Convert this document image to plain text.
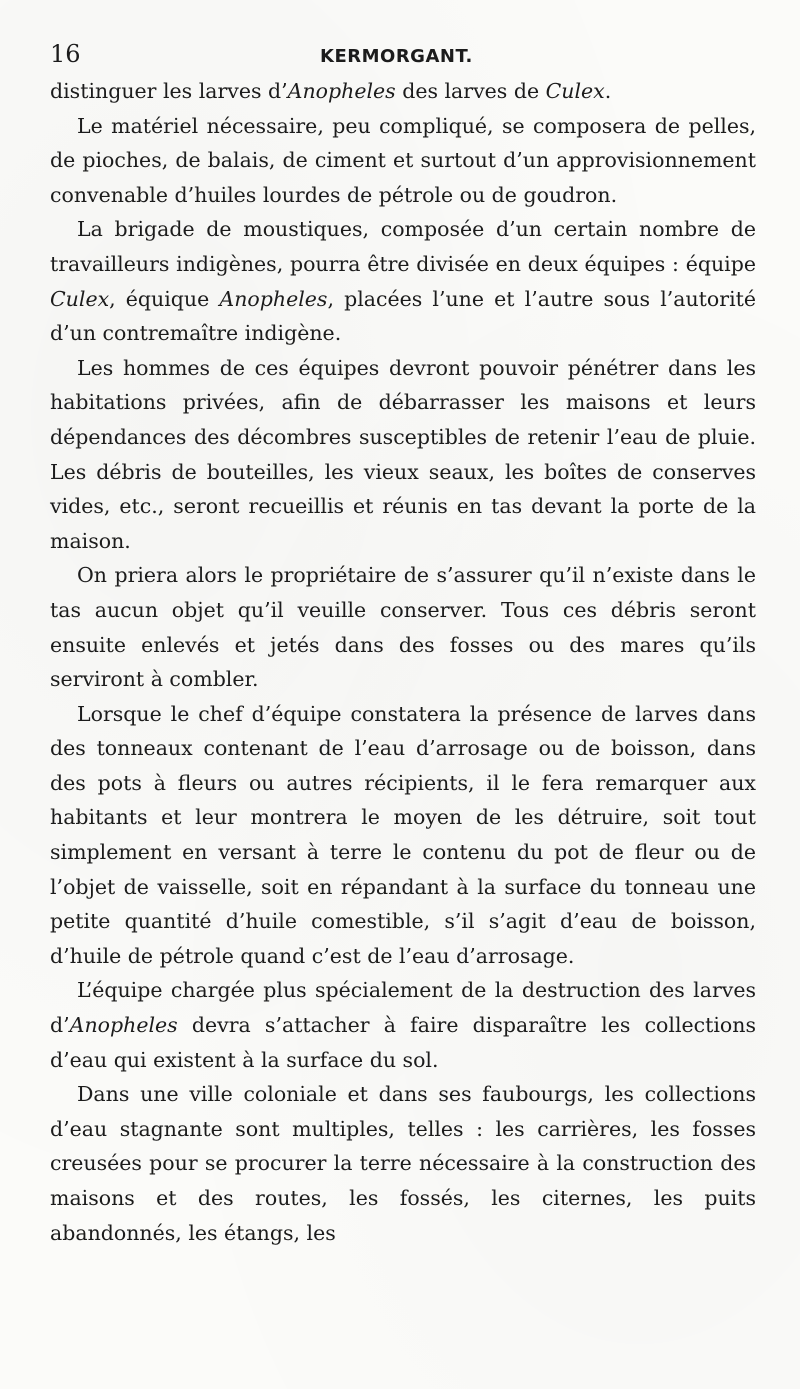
16	KERMORGANT.

distinguer les larves d’Anopheles des larves de Culex.

Le matériel nécessaire, peu compliqué, se composera de pelles, de pioches, de balais, de ciment et surtout d’un approvisionnement convenable d’huiles lourdes de pétrole ou de goudron.

La brigade de moustiques, composée d’un certain nombre de travailleurs indigènes, pourra être divisée en deux équipes : équipe Culex, équique Anopheles, placées l’une et l’autre sous l’autorité d’un contremaître indigène.

Les hommes de ces équipes devront pouvoir pénétrer dans les habitations privées, afin de débarrasser les maisons et leurs dépendances des décombres susceptibles de retenir l’eau de pluie. Les débris de bouteilles, les vieux seaux, les boîtes de conserves vides, etc., seront recueillis et réunis en tas devant la porte de la maison.

On priera alors le propriétaire de s’assurer qu’il n’existe dans le tas aucun objet qu’il veuille conserver. Tous ces débris seront ensuite enlevés et jetés dans des fosses ou des mares qu’ils serviront à combler.

Lorsque le chef d’équipe constatera la présence de larves dans des tonneaux contenant de l’eau d’arrosage ou de boisson, dans des pots à fleurs ou autres récipients, il le fera remarquer aux habitants et leur montrera le moyen de les détruire, soit tout simplement en versant à terre le contenu du pot de fleur ou de l’objet de vaisselle, soit en répandant à la surface du tonneau une petite quantité d’huile comestible, s’il s’agit d’eau de boisson, d’huile de pétrole quand c’est de l’eau d’arrosage.

L’équipe chargée plus spécialement de la destruction des larves d’Anopheles devra s’attacher à faire disparaître les collections d’eau qui existent à la surface du sol.

Dans une ville coloniale et dans ses faubourgs, les collections d’eau stagnante sont multiples, telles : les carrières, les fosses creusées pour se procurer la terre nécessaire à la construction des maisons et des routes, les fossés, les citernes, les puits abandonnés, les étangs, les
